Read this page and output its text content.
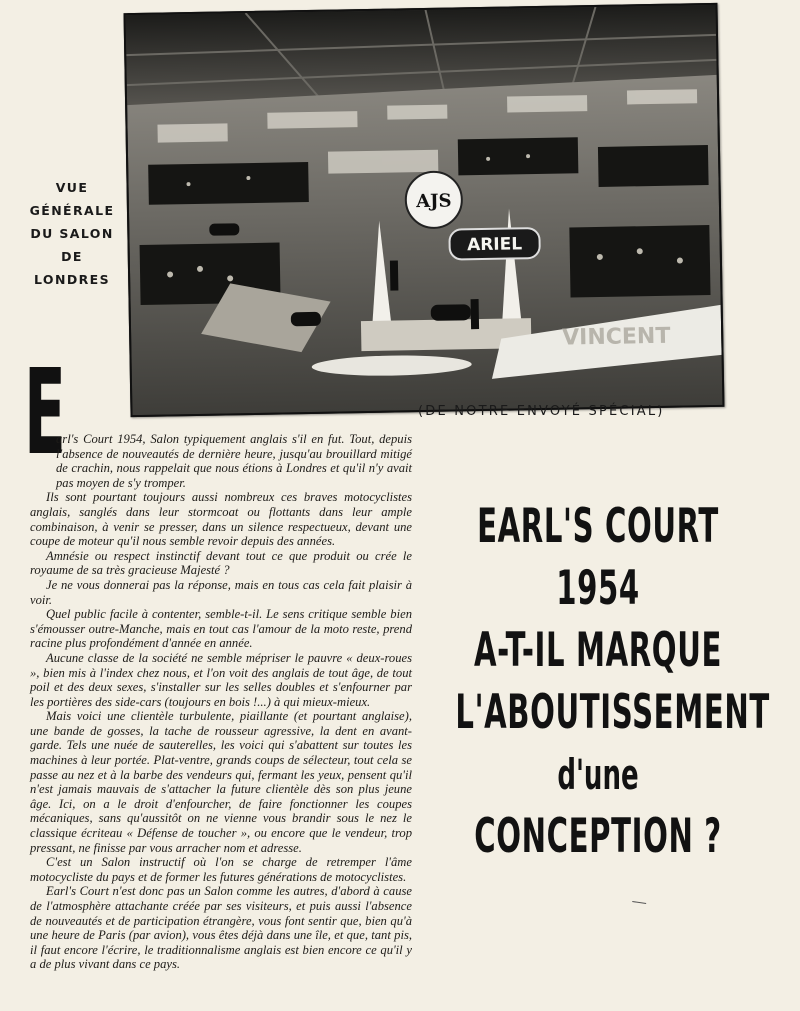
AJS
ARIEL
VINCENT
VUE GÉNÉRALE
DU SALON DE
LONDRES
(DE NOTRE ENVOYÉ SPÉCIAL)
E

arl's Court 1954, Salon typiquement anglais s'il en fut. Tout, depuis l'absence de nouveautés de dernière heure, jusqu'au brouillard mitigé de crachin, nous rappelait que nous étions à Londres et qu'il n'y avait pas moyen de s'y tromper.

Ils sont pourtant toujours aussi nombreux ces braves motocyclistes anglais, sanglés dans leur stormcoat ou flottants dans leur ample combinaison, à venir se presser, dans un silence respectueux, devant une coupe de moteur qu'il nous semble revoir depuis des années.

Amnésie ou respect instinctif devant tout ce que produit ou crée le royaume de sa très gracieuse Majesté ?

Je ne vous donnerai pas la réponse, mais en tous cas cela fait plaisir à voir.

Quel public facile à contenter, semble-t-il. Le sens critique semble bien s'émousser outre-Manche, mais en tout cas l'amour de la moto reste, prend racine plus profondément d'année en année.

Aucune classe de la société ne semble mépriser le pauvre « deux-roues », bien mis à l'index chez nous, et l'on voit des anglais de tout âge, de tout poil et des deux sexes, s'installer sur les selles doubles et s'enfourner par les portières des side-cars (toujours en bois !...) à qui mieux-mieux.

Mais voici une clientèle turbulente, piaillante (et pourtant anglaise), une bande de gosses, la tache de rousseur agressive, la dent en avant-garde. Tels une nuée de sauterelles, les voici qui s'abattent sur toutes les machines à leur portée. Plat-ventre, grands coups de sélecteur, tout cela se passe au nez et à la barbe des vendeurs qui, fermant les yeux, pensent qu'il n'est jamais mauvais de s'attacher la future clientèle dès son plus jeune âge. Ici, on a le droit d'enfourcher, de faire fonctionner les coupes mécaniques, sans qu'aussitôt on ne vienne vous brandir sous le nez le classique écriteau « Défense de toucher », ou encore que le vendeur, trop pressant, ne finisse par vous arracher nom et adresse.

C'est un Salon instructif où l'on se charge de retremper l'âme motocycliste du pays et de former les futures générations de motocyclistes.

Earl's Court n'est donc pas un Salon comme les autres, d'abord à cause de l'atmosphère attachante créée par ses visiteurs, et puis aussi l'absence de nouveautés et de participation étrangère, vous font sentir que, bien qu'à une heure de Paris (par avion), vous êtes déjà dans une île, et que, tant pis, il faut encore l'écrire, le traditionnalisme anglais est bien encore ce qu'il y a de plus vivant dans ce pays.

EARL'S COURT
1954
A-T-IL MARQUE
L'ABOUTISSEMENT
d'une
CONCEPTION ?
